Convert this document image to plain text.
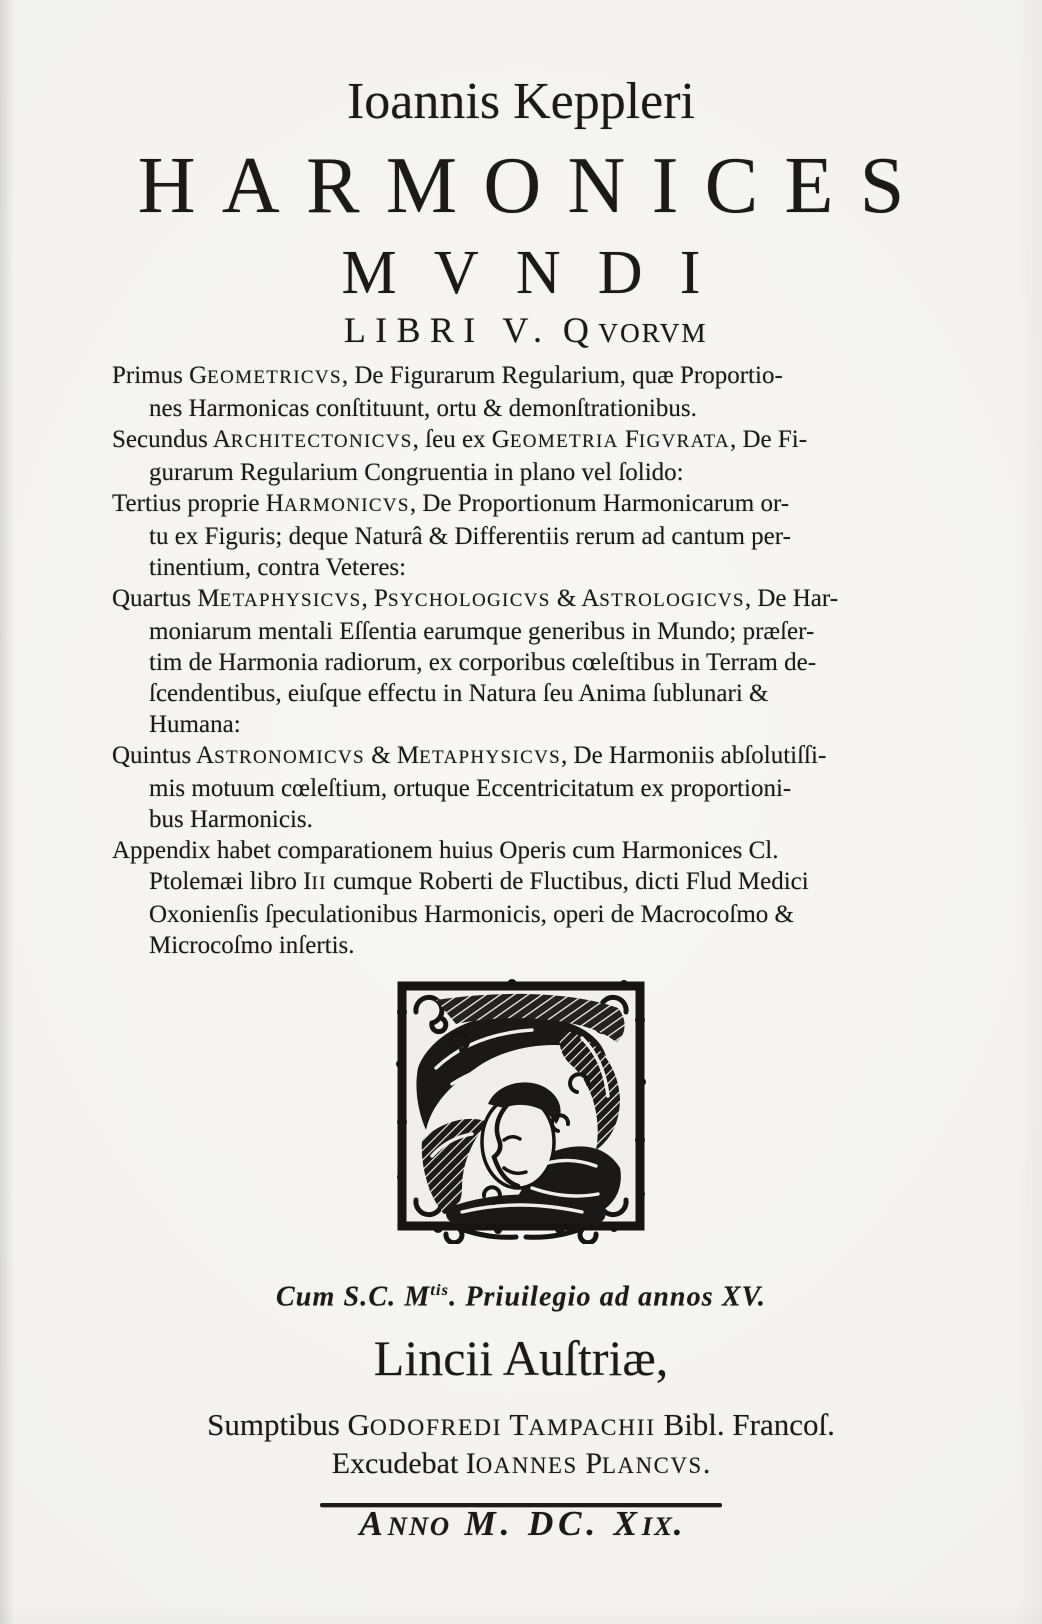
Ioannis Keppleri
HARMONICES
MVNDI
LIBRI V. QVORVM
Primus GEOMETRICVS, De Figurarum Regularium, quæ Proportio-
nes Harmonicas conſtituunt, ortu & demonſtrationibus.
Secundus ARCHITECTONICVS, ſeu ex GEOMETRIA FIGVRATA, De Fi-
gurarum Regularium Congruentia in plano vel ſolido:
Tertius proprie HARMONICVS, De Proportionum Harmonicarum or-
tu ex Figuris; deque Naturâ & Differentiis rerum ad cantum per-
tinentium, contra Veteres:
Quartus METAPHYSICVS, PSYCHOLOGICVS & ASTROLOGICVS, De Har-
moniarum mentali Eſſentia earumque generibus in Mundo; præſer-
tim de Harmonia radiorum, ex corporibus cœleſtibus in Terram de-
ſcendentibus, eiuſque effectu in Natura ſeu Anima ſublunari &
Humana:
Quintus ASTRONOMICVS & METAPHYSICVS, De Harmoniis abſolutiſſi-
mis motuum cœleſtium, ortuque Eccentricitatum ex proportioni-
bus Harmonicis.
Appendix habet comparationem huius Operis cum Harmonices Cl.
Ptolemæi libro III cumque Roberti de Fluctibus, dicti Flud Medici
Oxonienſis ſpeculationibus Harmonicis, operi de Macrocoſmo &
Microcoſmo inſertis.
Cum S.C. $M^{tis}$. Priuilegio ad annos XV.
Lincii Auſtriæ,
Sumptibus GODOFREDI TAMPACHII Bibl. Francoſ.
Excudebat IOANNES PLANCVS.
ANNO M. DC. XIX.
